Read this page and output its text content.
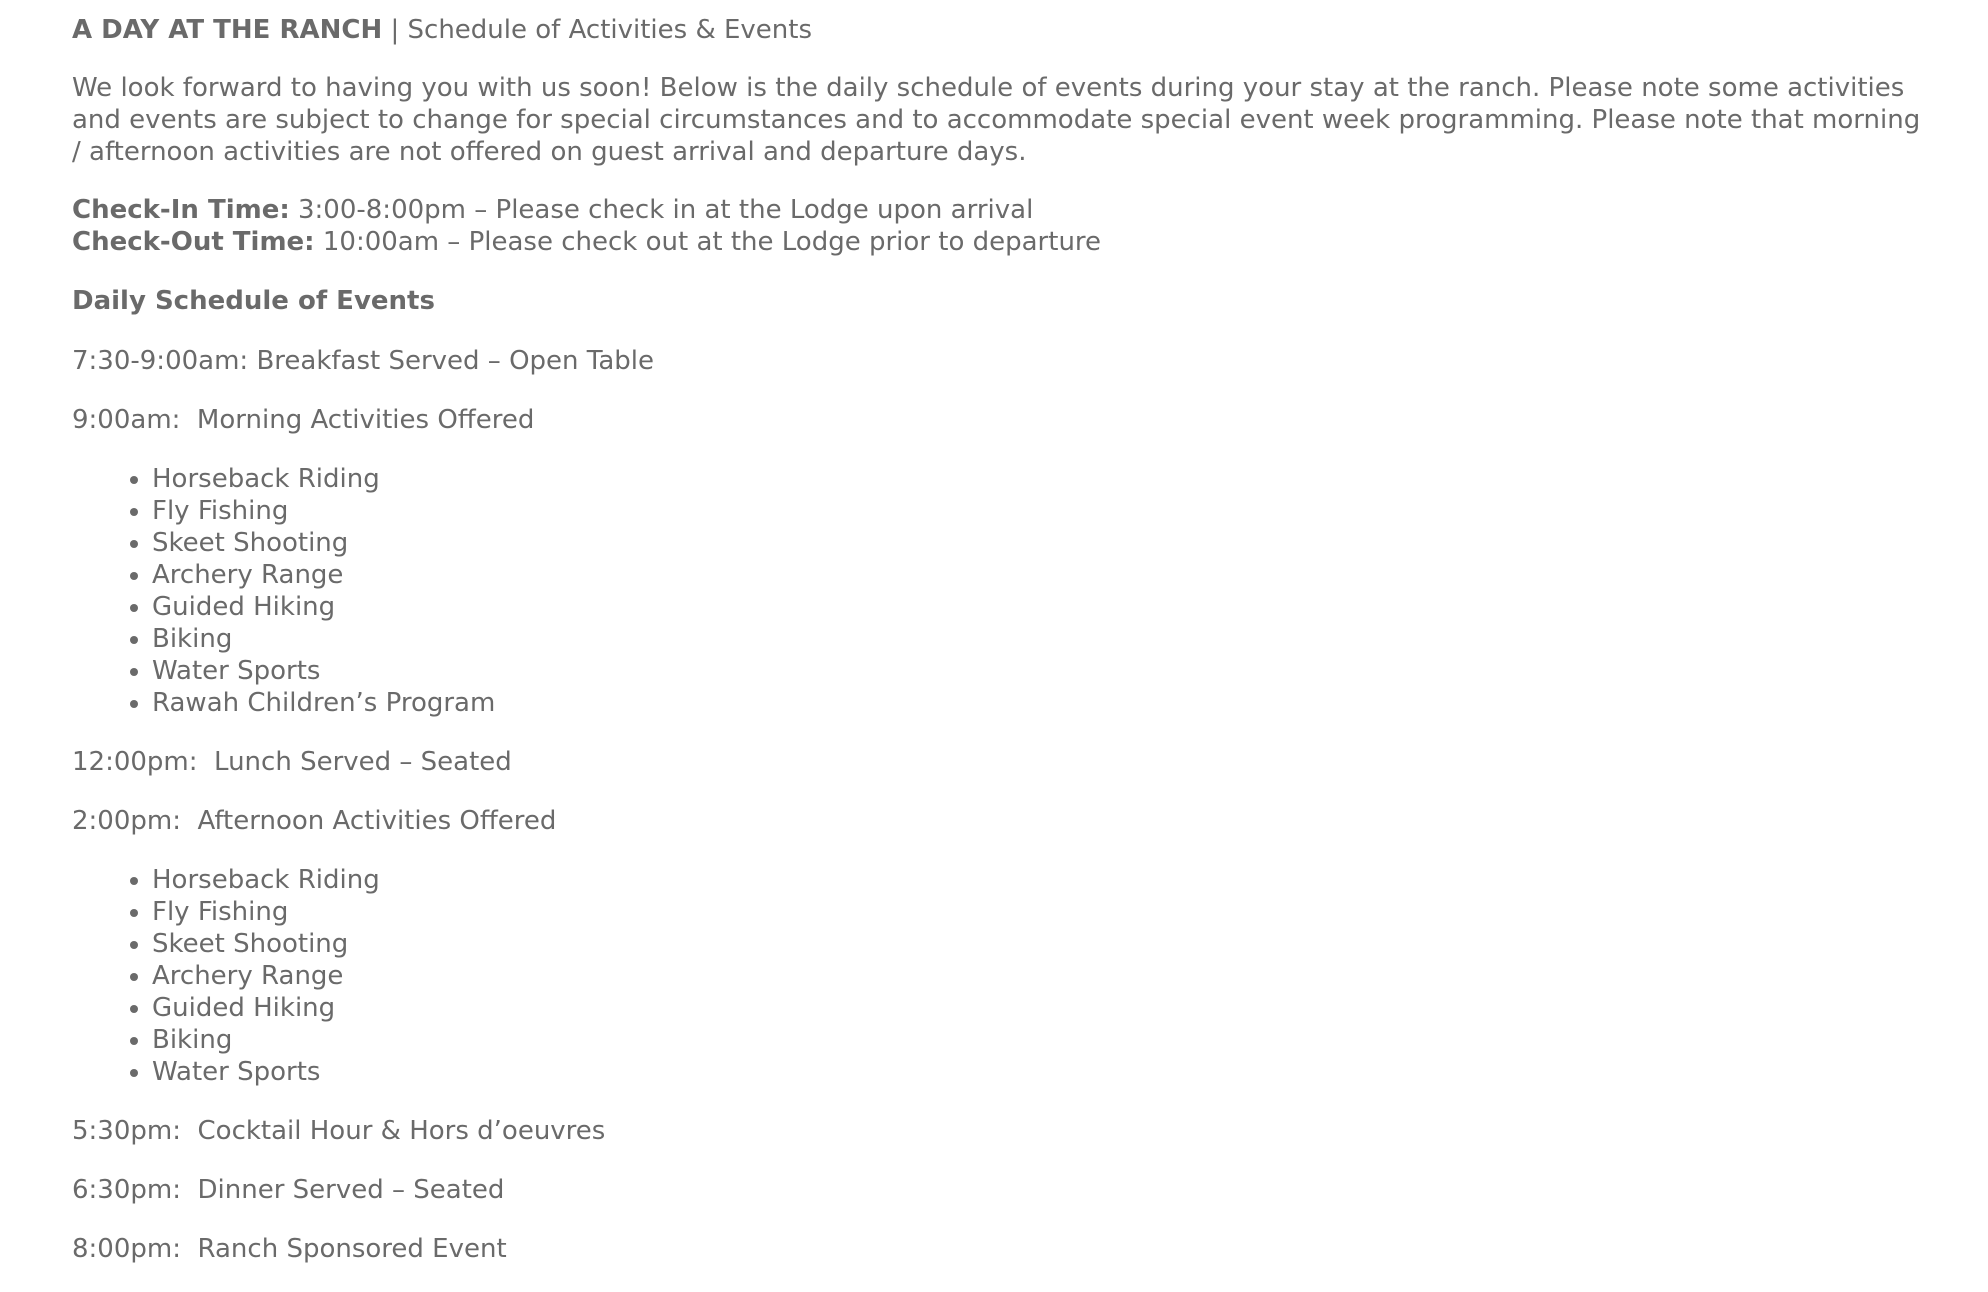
A DAY AT THE RANCH | Schedule of Activities & Events

We look forward to having you with us soon! Below is the daily schedule of events during your stay at the ranch. Please note some activities and events are subject to change for special circumstances and to accommodate special event week programming. Please note that morning / afternoon activities are not offered on guest arrival and departure days.

Check-In Time: 3:00-8:00pm – Please check in at the Lodge upon arrival
Check-Out Time: 10:00am – Please check out at the Lodge prior to departure

Daily Schedule of Events

7:30-9:00am: Breakfast Served – Open Table

9:00am:  Morning Activities Offered

• Horseback Riding
• Fly Fishing
• Skeet Shooting
• Archery Range
• Guided Hiking
• Biking
• Water Sports
• Rawah Children’s Program

12:00pm:  Lunch Served – Seated

2:00pm:  Afternoon Activities Offered

• Horseback Riding
• Fly Fishing
• Skeet Shooting
• Archery Range
• Guided Hiking
• Biking
• Water Sports

5:30pm:  Cocktail Hour & Hors d’oeuvres

6:30pm:  Dinner Served – Seated

8:00pm:  Ranch Sponsored Event
